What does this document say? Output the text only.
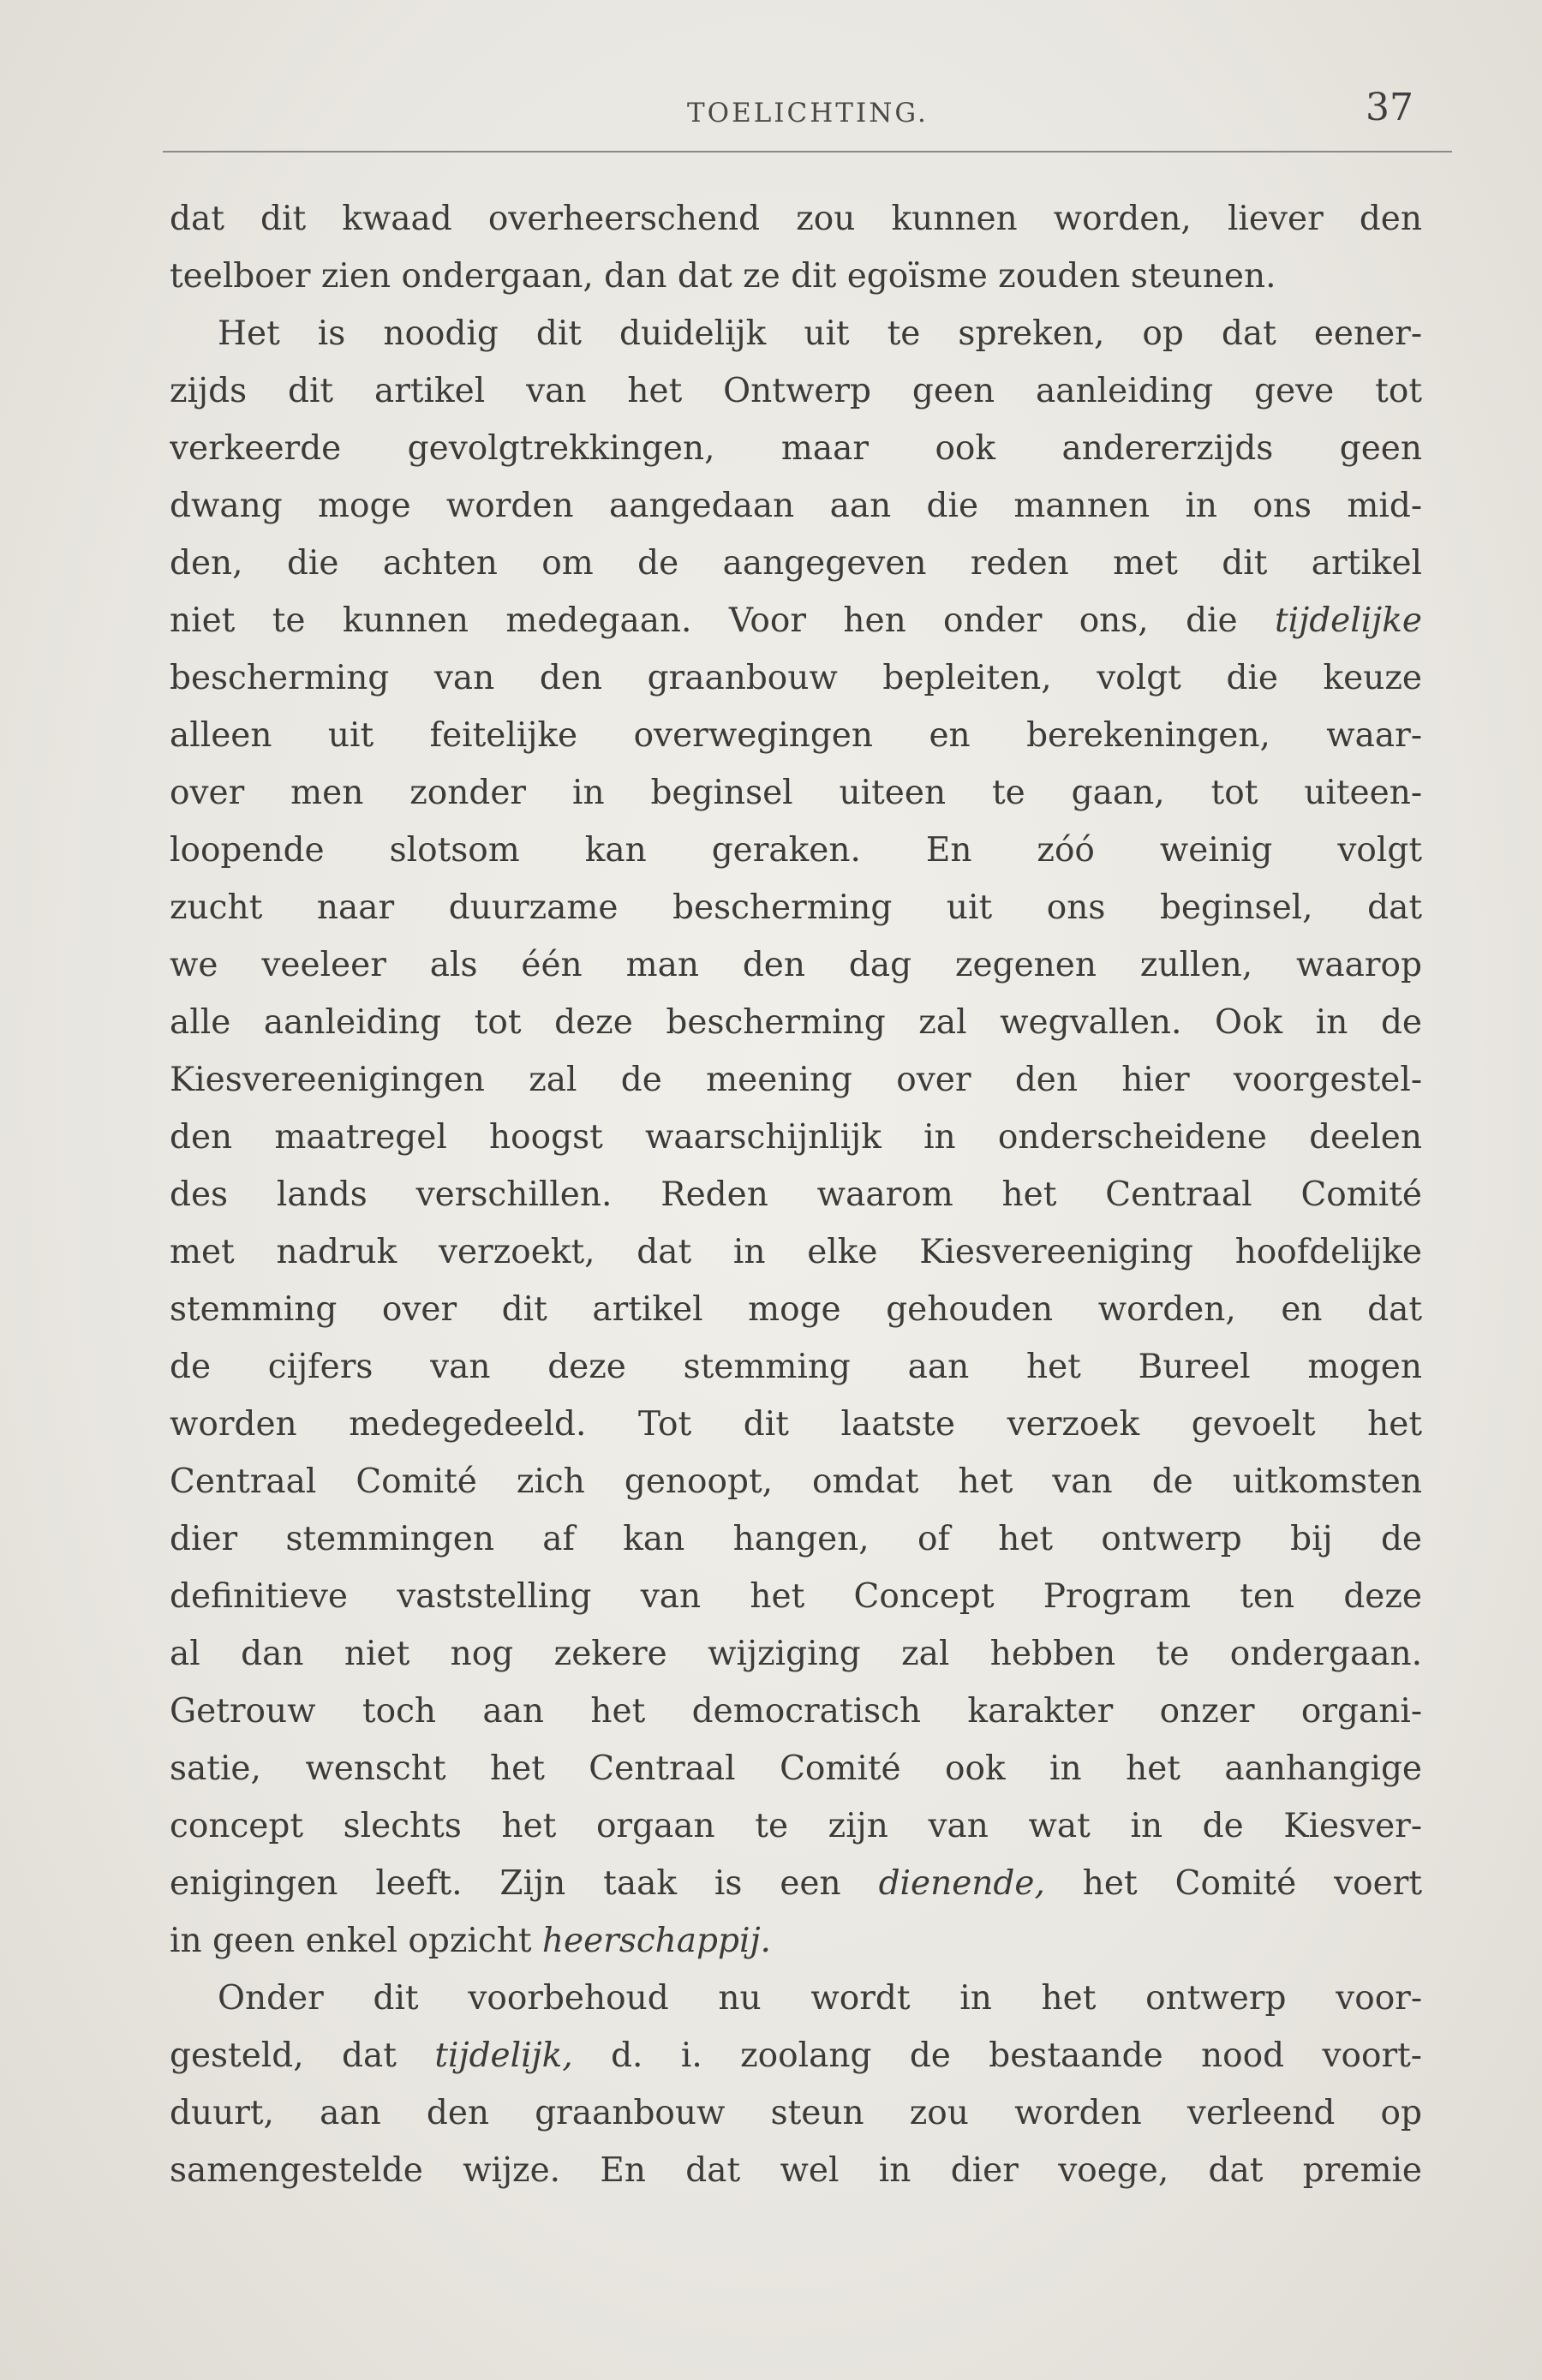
TOELICHTING.	37
dat dit kwaad overheerschend zou kunnen worden, liever den
teelboer zien ondergaan, dan dat ze dit egoïsme zouden steunen.
Het is noodig dit duidelijk uit te spreken, op dat eener-
zijds dit artikel van het Ontwerp geen aanleiding geve tot
verkeerde gevolgtrekkingen, maar ook andererzijds geen
dwang moge worden aangedaan aan die mannen in ons mid-
den, die achten om de aangegeven reden met dit artikel
niet te kunnen medegaan. Voor hen onder ons, die tijdelijke
bescherming van den graanbouw bepleiten, volgt die keuze
alleen uit feitelijke overwegingen en berekeningen, waar-
over men zonder in beginsel uiteen te gaan, tot uiteen-
loopende slotsom kan geraken. En zóó weinig volgt
zucht naar duurzame bescherming uit ons beginsel, dat
we veeleer als één man den dag zegenen zullen, waarop
alle aanleiding tot deze bescherming zal wegvallen. Ook in de
Kiesvereenigingen zal de meening over den hier voorgestel-
den maatregel hoogst waarschijnlijk in onderscheidene deelen
des lands verschillen. Reden waarom het Centraal Comité
met nadruk verzoekt, dat in elke Kiesvereeniging hoofdelijke
stemming over dit artikel moge gehouden worden, en dat
de cijfers van deze stemming aan het Bureel mogen
worden medegedeeld. Tot dit laatste verzoek gevoelt het
Centraal Comité zich genoopt, omdat het van de uitkomsten
dier stemmingen af kan hangen, of het ontwerp bij de
definitieve vaststelling van het Concept Program ten deze
al dan niet nog zekere wijziging zal hebben te ondergaan.
Getrouw toch aan het democratisch karakter onzer organi-
satie, wenscht het Centraal Comité ook in het aanhangige
concept slechts het orgaan te zijn van wat in de Kiesver-
enigingen leeft. Zijn taak is een dienende, het Comité voert
in geen enkel opzicht heerschappij.
Onder dit voorbehoud nu wordt in het ontwerp voor-
gesteld, dat tijdelijk, d. i. zoolang de bestaande nood voort-
duurt, aan den graanbouw steun zou worden verleend op
samengestelde wijze. En dat wel in dier voege, dat premie
